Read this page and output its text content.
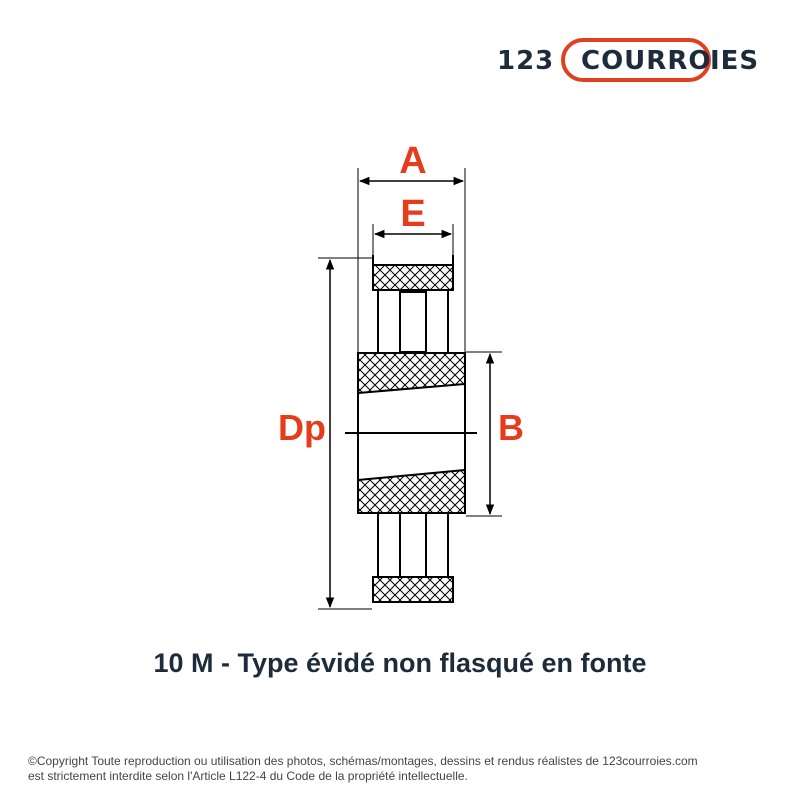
123 COURRO
IES
A
E
Dp	B
10 M - Type évidé non flasqué en fonte
©Copyright Toute reproduction ou utilisation des photos, schémas/montages, dessins et rendus réalistes de 123courroies.com
est strictement interdite selon l'Article L122-4 du Code de la propriété intellectuelle.
